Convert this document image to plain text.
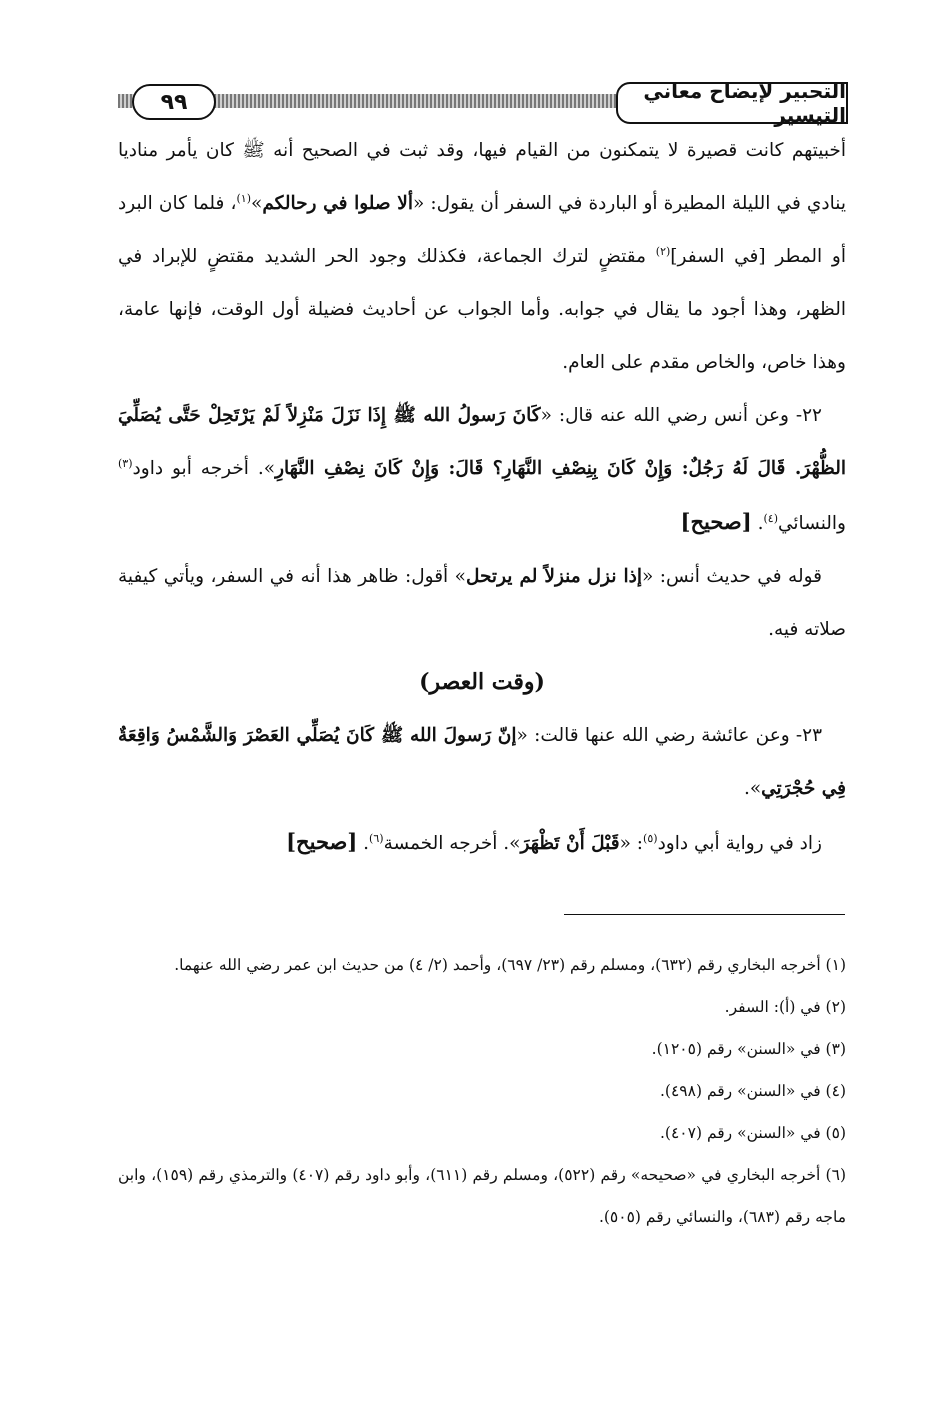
٩٩	التحبير لإيضاح معاني التيسير

أخبيتهم كانت قصيرة لا يتمكنون من القيام فيها، وقد ثبت في الصحيح أنه ﷺ كان يأمر مناديا ينادي في الليلة المطيرة أو الباردة في السفر أن يقول: «ألا صلوا في رحالكم»$^{(١)}$، فلما كان البرد أو المطر [في السفر]$^{(٢)}$ مقتضٍ لترك الجماعة، فكذلك وجود الحر الشديد مقتضٍ للإبراد في الظهر، وهذا أجود ما يقال في جوابه. وأما الجواب عن أحاديث فضيلة أول الوقت، فإنها عامة، وهذا خاص، والخاص مقدم على العام.

٢٢- وعن أنس رضي الله عنه قال: «كَانَ رَسولُ الله ﷺ إِذَا نَزَلَ مَنْزِلاً لَمْ يَرْتَحِلْ حَتَّى يُصَلِّيَ الظُّهْرَ. قَالَ لَهُ رَجُلٌ: وَإِنْ كَانَ بِنِصْفِ النَّهَارِ؟ قَالَ: وَإِنْ كَانَ نِصْفِ النَّهَارِ». أخرجه أبو داود$^{(٣)}$ والنسائي$^{(٤)}$. [صحيح]

قوله في حديث أنس: «إذا نزل منزلاً لم يرتحل» أقول: ظاهر هذا أنه في السفر، ويأتي كيفية صلاته فيه.

(وقت العصر)

٢٣- وعن عائشة رضي الله عنها قالت: «إنّ رَسولَ الله ﷺ كَانَ يُصَلِّي العَصْرَ وَالشَّمْسُ وَاقِعَةٌ فِي حُجْرَتِي».

زاد في رواية أبي داود$^{(٥)}$: «قَبْلَ أَنْ تَظْهَرَ». أخرجه الخمسة$^{(٦)}$. [صحيح]

(١) أخرجه البخاري رقم (٦٣٢)، ومسلم رقم (٢٣/ ٦٩٧)، وأحمد (٢/ ٤) من حديث ابن عمر رضي الله عنهما.

(٢) في (أ): السفر.

(٣) في «السنن» رقم (١٢٠٥).

(٤) في «السنن» رقم (٤٩٨).

(٥) في «السنن» رقم (٤٠٧).

(٦) أخرجه البخاري في «صحيحه» رقم (٥٢٢)، ومسلم رقم (٦١١)، وأبو داود رقم (٤٠٧) والترمذي رقم (١٥٩)، وابن ماجه رقم (٦٨٣)، والنسائي رقم (٥٠٥).
